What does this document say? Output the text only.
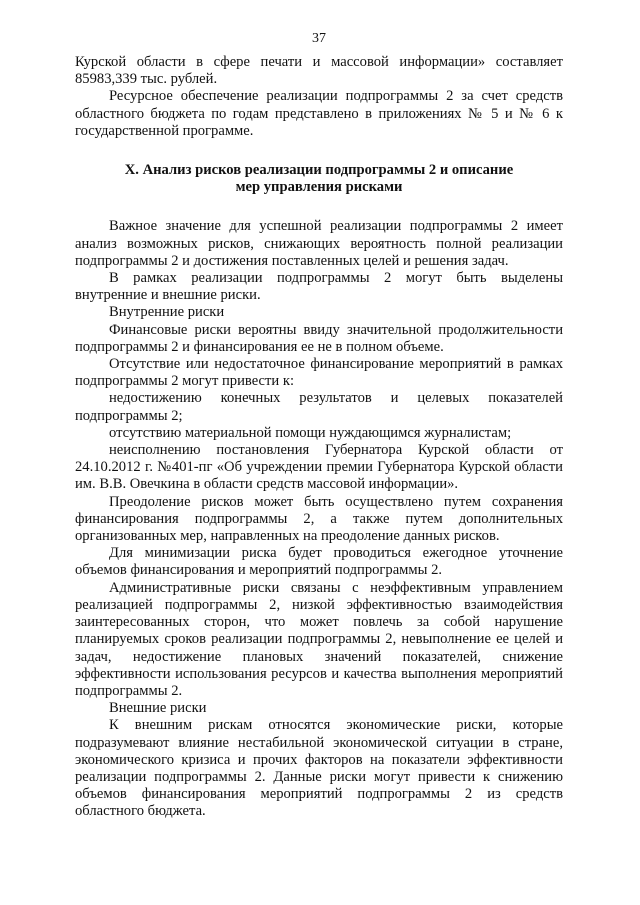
37

Курской области в сфере печати и массовой информации» составляет 85983,339 тыс. рублей.

Ресурсное обеспечение реализации подпрограммы 2 за счет средств областного бюджета по годам представлено в приложениях № 5 и № 6 к государственной программе.

X. Анализ рисков реализации подпрограммы 2 и описание
мер управления рисками

Важное значение для успешной реализации подпрограммы 2 имеет анализ возможных рисков, снижающих вероятность полной реализации подпрограммы 2 и достижения поставленных целей и решения задач.

В рамках реализации подпрограммы 2 могут быть выделены внутренние и внешние риски.

Внутренние риски

Финансовые риски вероятны ввиду значительной продолжительности подпрограммы 2 и финансирования ее не в полном объеме.

Отсутствие или недостаточное финансирование мероприятий в рамках подпрограммы 2 могут привести к:

недостижению конечных результатов и целевых показателей подпрограммы 2;

отсутствию материальной помощи нуждающимся журналистам;

неисполнению постановления Губернатора Курской области от 24.10.2012 г. №401-пг «Об учреждении премии Губернатора Курской области им. В.В. Овечкина в области средств массовой информации».

Преодоление рисков может быть осуществлено путем сохранения финансирования подпрограммы 2, а также путем дополнительных организованных мер, направленных на преодоление данных рисков.

Для минимизации риска будет проводиться ежегодное уточнение объемов финансирования и мероприятий подпрограммы 2.

Административные риски связаны с неэффективным управлением реализацией подпрограммы 2, низкой эффективностью взаимодействия заинтересованных сторон, что может повлечь за собой нарушение планируемых сроков реализации подпрограммы 2, невыполнение ее целей и задач, недостижение плановых значений показателей, снижение эффективности использования ресурсов и качества выполнения мероприятий подпрограммы 2.

Внешние риски

К внешним рискам относятся экономические риски, которые подразумевают влияние нестабильной экономической ситуации в стране, экономического кризиса и прочих факторов на показатели эффективности реализации подпрограммы 2. Данные риски могут привести к снижению объемов финансирования мероприятий подпрограммы 2 из средств областного бюджета.
